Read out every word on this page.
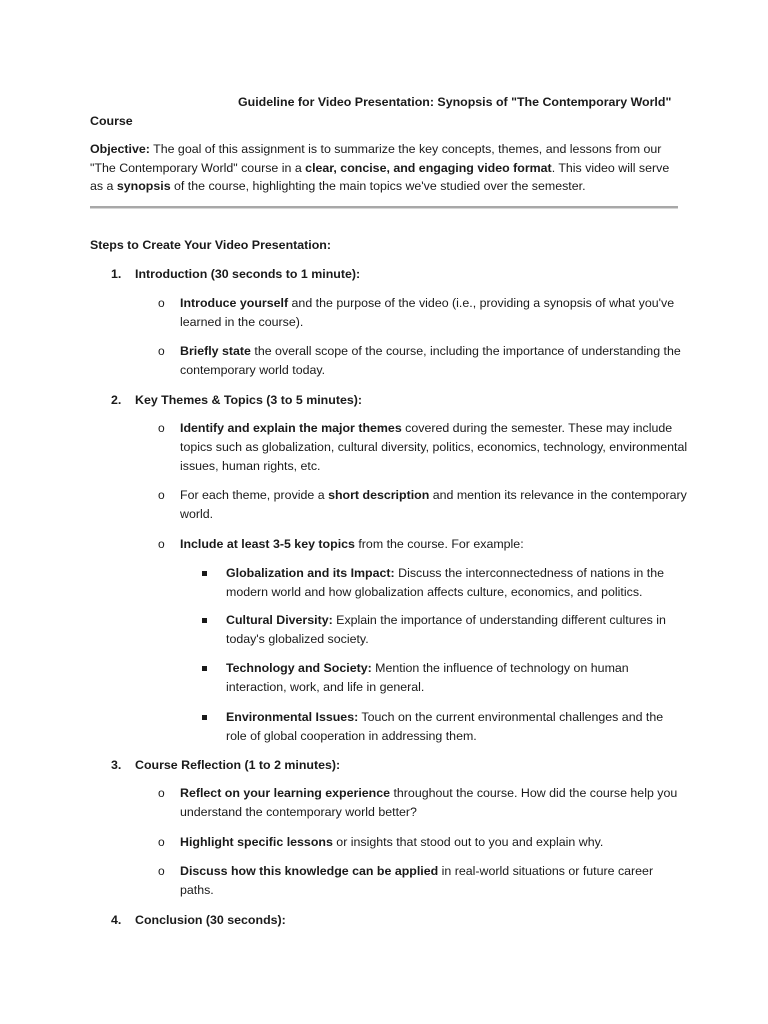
Guideline for Video Presentation: Synopsis of "The Contemporary World"
Course

Objective: The goal of this assignment is to summarize the key concepts, themes, and lessons from our "The Contemporary World" course in a clear, concise, and engaging video format. This video will serve as a synopsis of the course, highlighting the main topics we've studied over the semester.

Steps to Create Your Video Presentation:
1. Introduction (30 seconds to 1 minute):
o	Introduce yourself and the purpose of the video (i.e., providing a synopsis of what you've learned in the course).
o	Briefly state the overall scope of the course, including the importance of understanding the contemporary world today.
2. Key Themes & Topics (3 to 5 minutes):
o	Identify and explain the major themes covered during the semester. These may include topics such as globalization, cultural diversity, politics, economics, technology, environmental issues, human rights, etc.
o	For each theme, provide a short description and mention its relevance in the contemporary world.
o	Include at least 3-5 key topics from the course. For example:
Globalization and its Impact: Discuss the interconnectedness of nations in the modern world and how globalization affects culture, economics, and politics.
Cultural Diversity: Explain the importance of understanding different cultures in today's globalized society.
Technology and Society: Mention the influence of technology on human interaction, work, and life in general.
Environmental Issues: Touch on the current environmental challenges and the role of global cooperation in addressing them.
3. Course Reflection (1 to 2 minutes):
o	Reflect on your learning experience throughout the course. How did the course help you understand the contemporary world better?
o	Highlight specific lessons or insights that stood out to you and explain why.
o	Discuss how this knowledge can be applied in real-world situations or future career paths.
4. Conclusion (30 seconds):
